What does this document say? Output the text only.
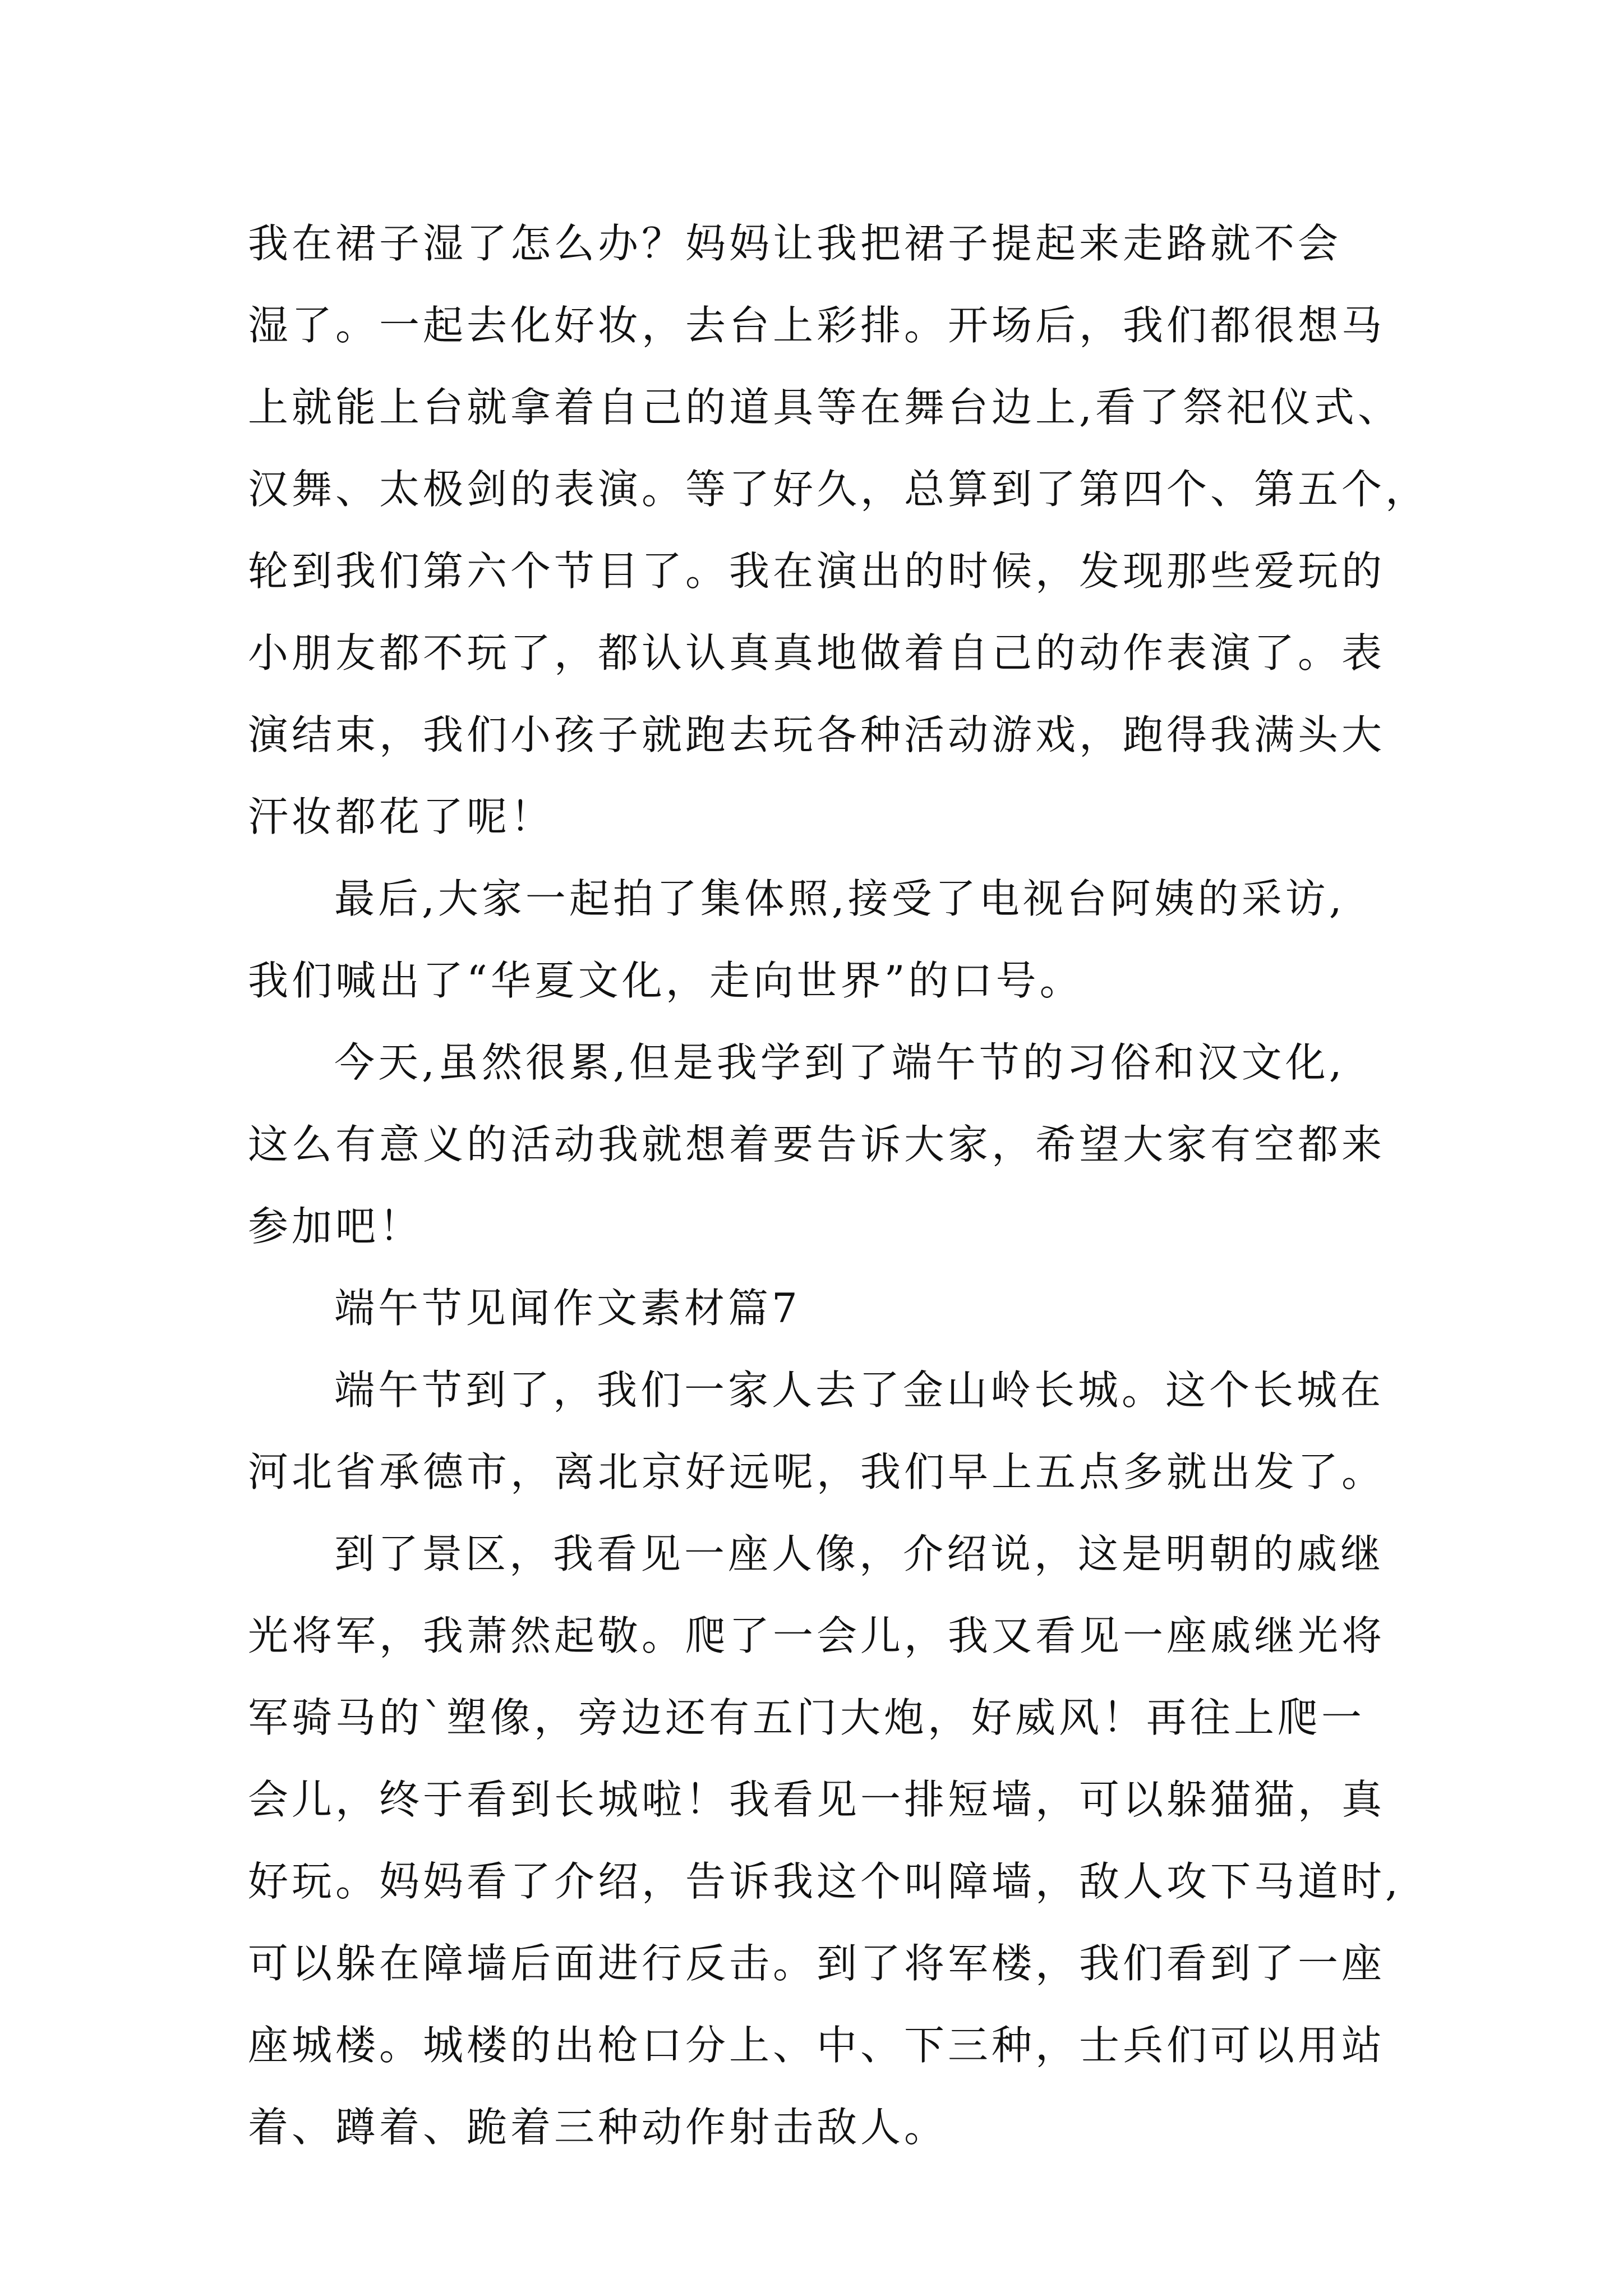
我在裙子湿了怎么办？妈妈让我把裙子提起来走路就不会
湿了。一起去化好妆，去台上彩排。开场后，我们都很想马
上就能上台就拿着自己的道具等在舞台边上,看了祭祀仪式、
汉舞、太极剑的表演。等了好久，总算到了第四个、第五个，
轮到我们第六个节目了。我在演出的时候，发现那些爱玩的
小朋友都不玩了，都认认真真地做着自己的动作表演了。表
演结束，我们小孩子就跑去玩各种活动游戏，跑得我满头大
汗妆都花了呢！
最后,大家一起拍了集体照,接受了电视台阿姨的采访,
我们喊出了“华夏文化，走向世界”的口号。
今天,虽然很累,但是我学到了端午节的习俗和汉文化,
这么有意义的活动我就想着要告诉大家，希望大家有空都来
参加吧！
端午节见闻作文素材篇7
端午节到了，我们一家人去了金山岭长城。这个长城在
河北省承德市，离北京好远呢，我们早上五点多就出发了。
到了景区，我看见一座人像，介绍说，这是明朝的戚继
光将军，我萧然起敬。爬了一会儿，我又看见一座戚继光将
军骑马的`塑像，旁边还有五门大炮，好威风！再往上爬一
会儿，终于看到长城啦！我看见一排短墙，可以躲猫猫，真
好玩。妈妈看了介绍，告诉我这个叫障墙，敌人攻下马道时,
可以躲在障墙后面进行反击。到了将军楼，我们看到了一座
座城楼。城楼的出枪口分上、中、下三种，士兵们可以用站
着、蹲着、跪着三种动作射击敌人。
